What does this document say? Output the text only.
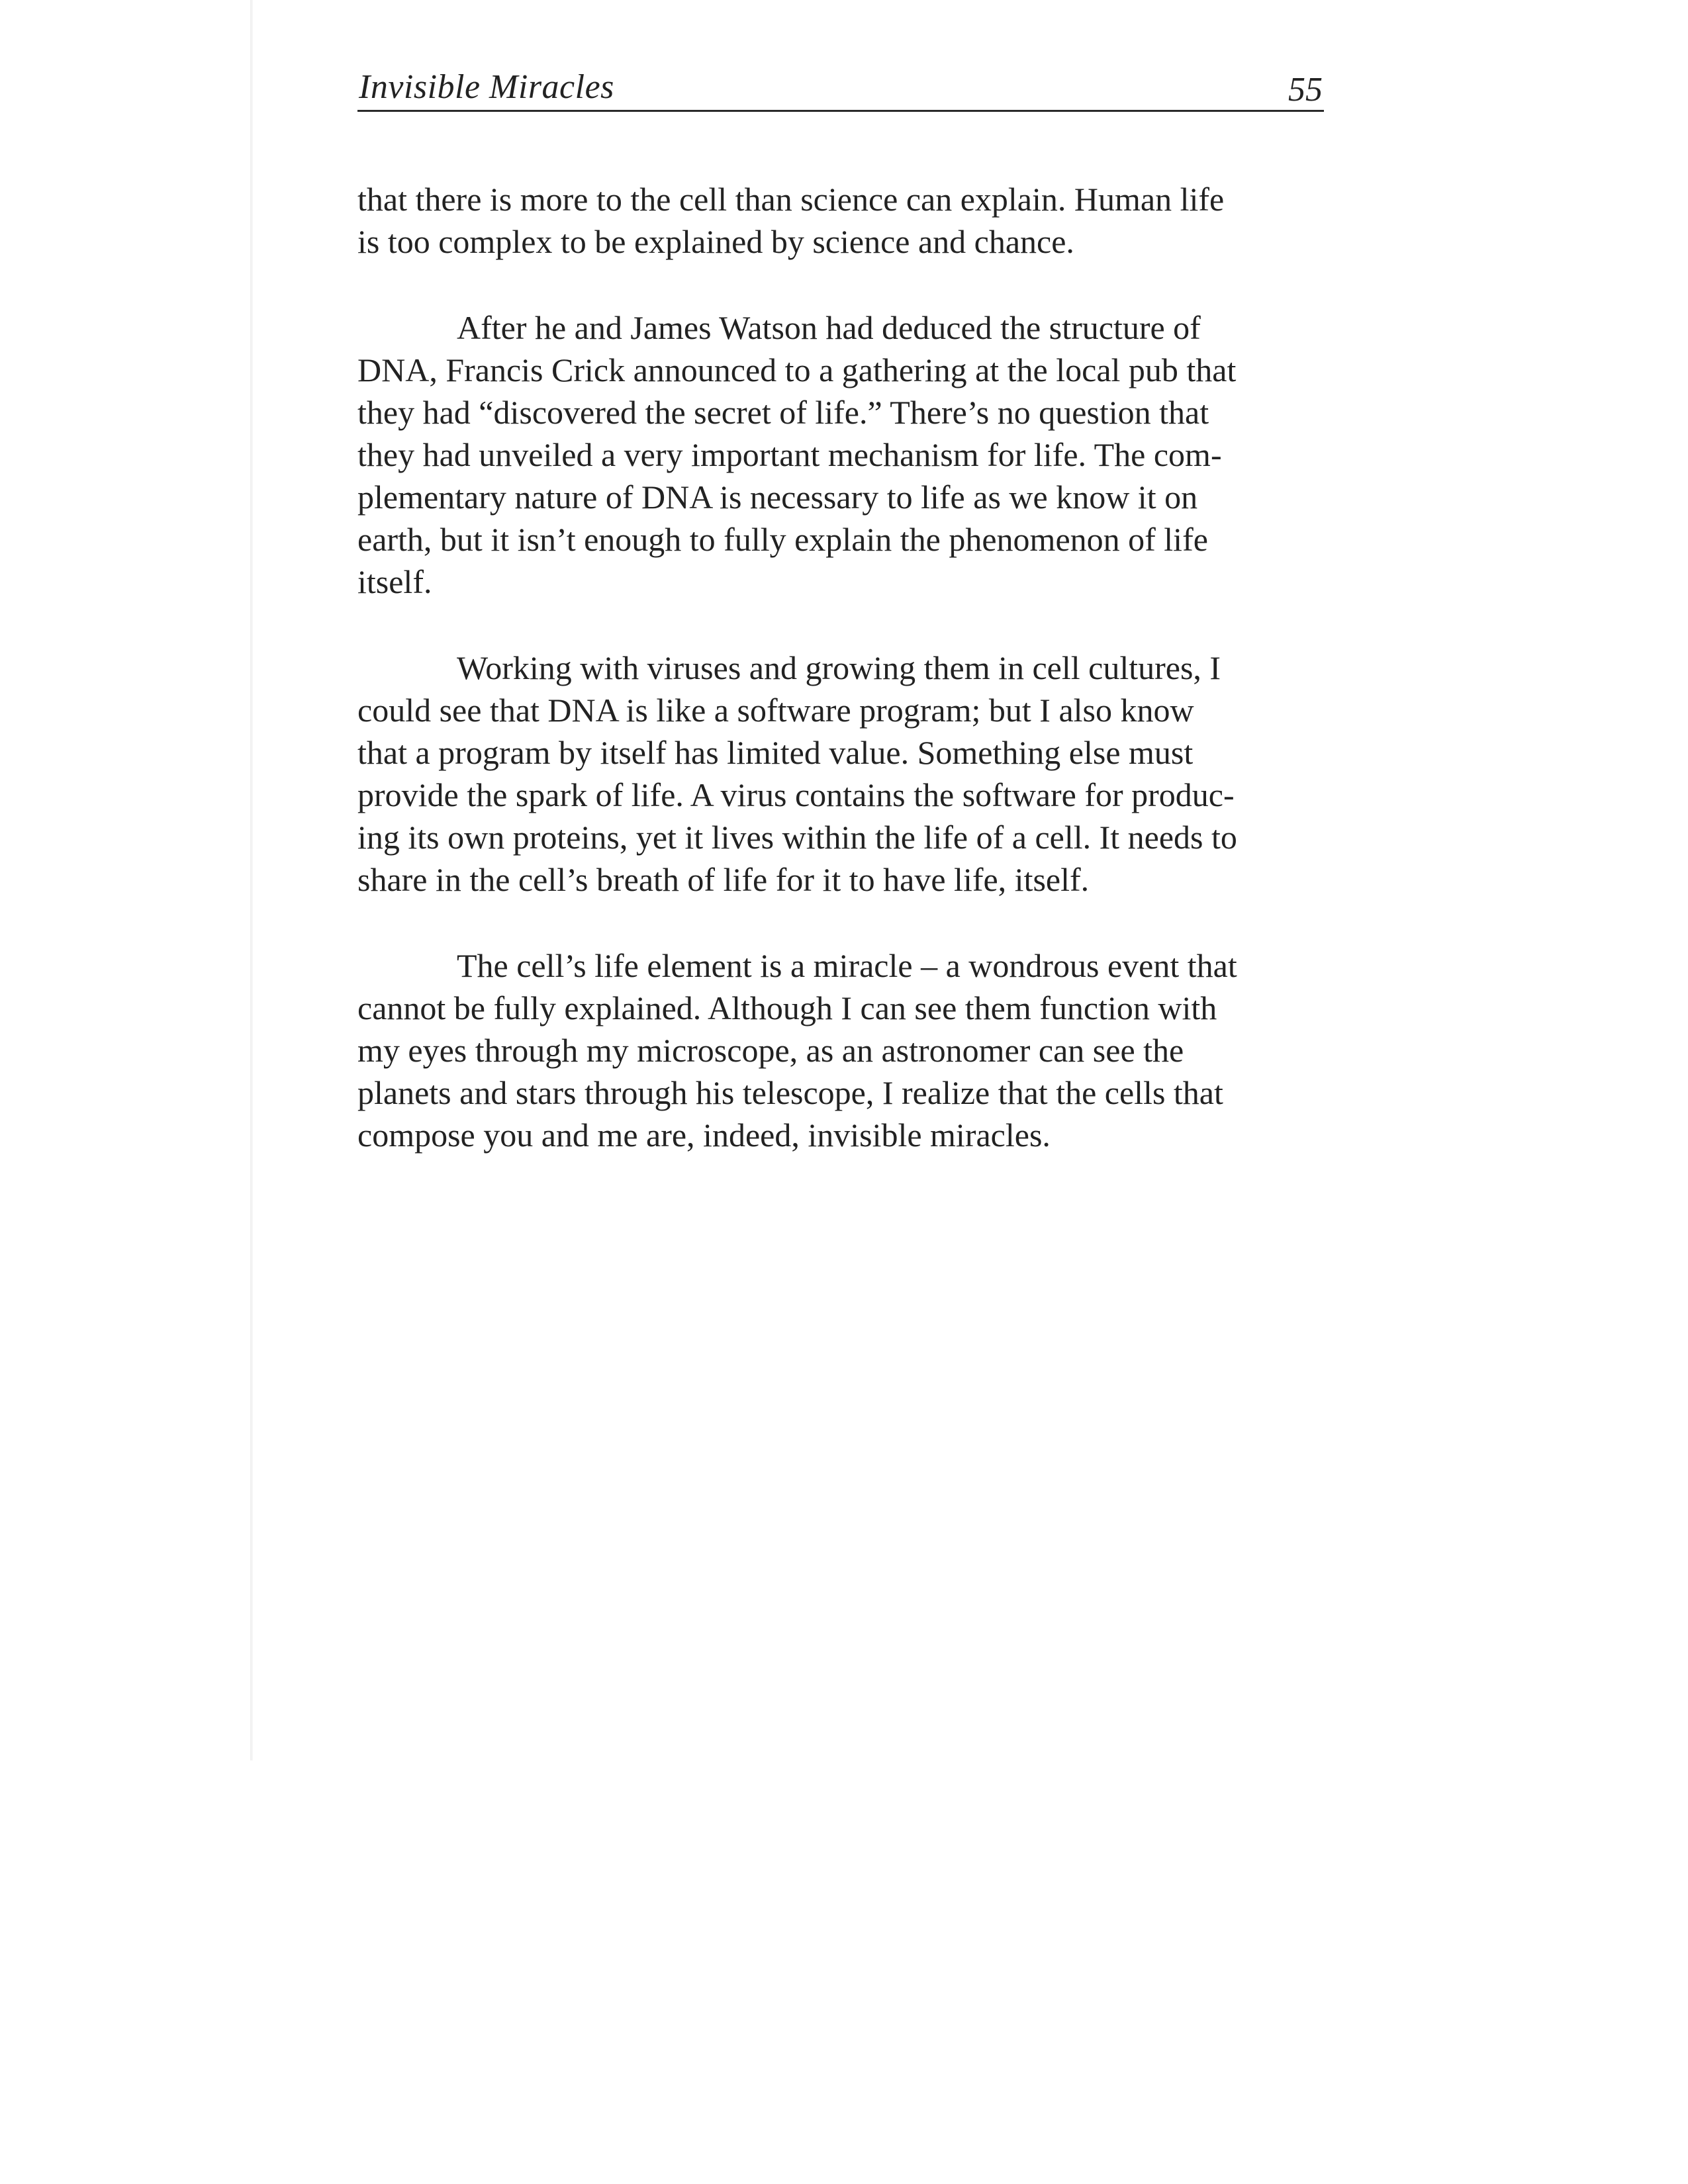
Invisible Miracles	55

that there is more to the cell than science can explain. Human life
is too complex to be explained by science and chance.

After he and James Watson had deduced the structure of
DNA, Francis Crick announced to a gathering at the local pub that
they had “discovered the secret of life.” There’s no question that
they had unveiled a very important mechanism for life. The com-
plementary nature of DNA is necessary to life as we know it on
earth, but it isn’t enough to fully explain the phenomenon of life
itself.

Working with viruses and growing them in cell cultures, I
could see that DNA is like a software program; but I also know
that a program by itself has limited value. Something else must
provide the spark of life. A virus contains the software for produc-
ing its own proteins, yet it lives within the life of a cell. It needs to
share in the cell’s breath of life for it to have life, itself.

The cell’s life element is a miracle – a wondrous event that
cannot be fully explained. Although I can see them function with
my eyes through my microscope, as an astronomer can see the
planets and stars through his telescope, I realize that the cells that
compose you and me are, indeed, invisible miracles.
